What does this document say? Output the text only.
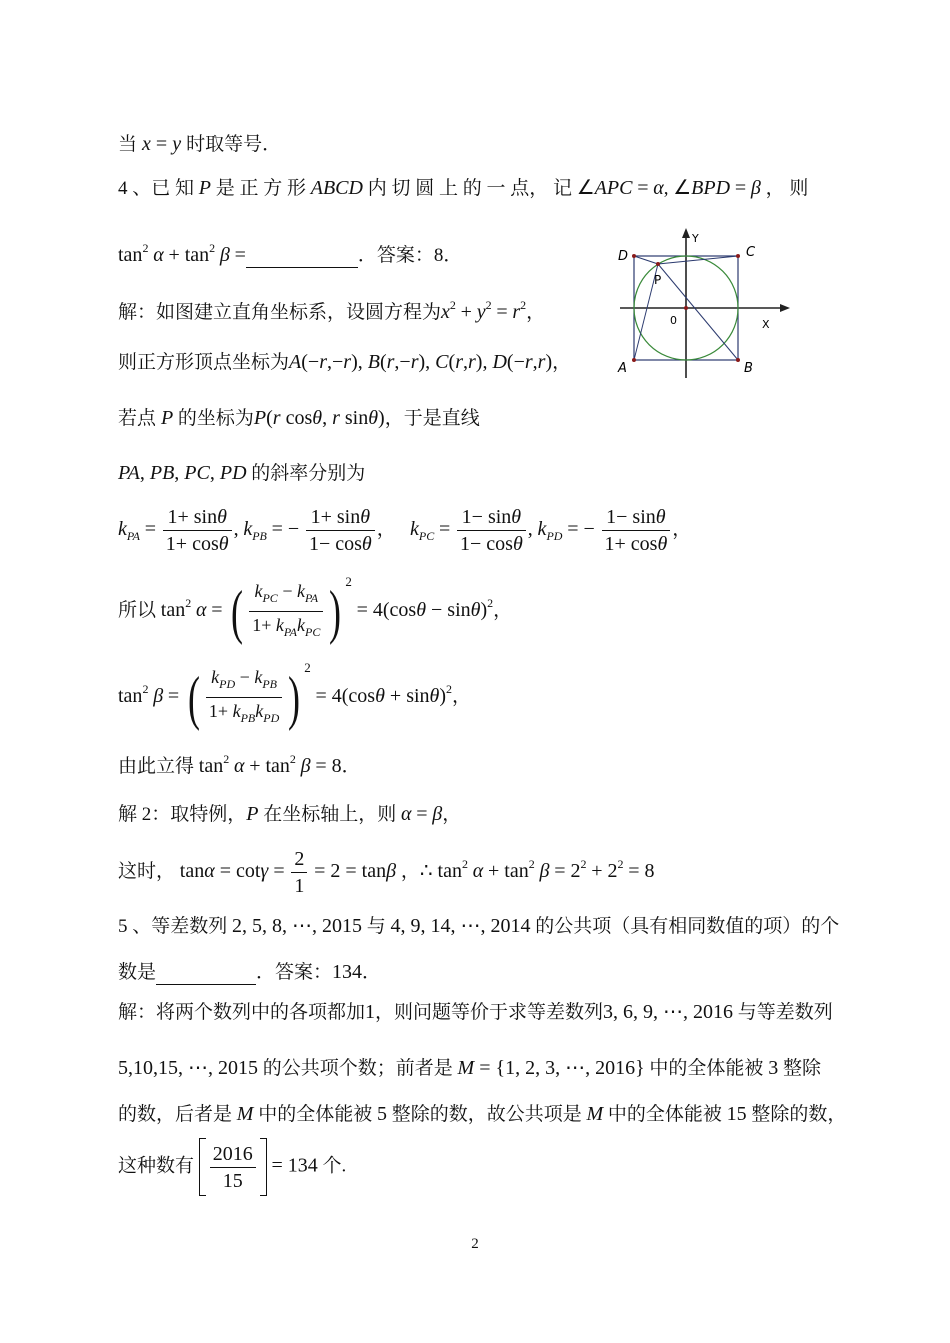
当 x = y 时取等号．
4 、已 知 P 是 正 方 形 ABCD 内 切 圆 上 的 一 点， 记 ∠APC = α, ∠BPD = β ， 则
$\tan^2 \alpha + \tan^2 \beta$ =	．答案：8．	D	C
A	B
P
0	X
Y
解：如图建立直角坐标系，设圆方程为$x^2 + y^2 = r^2$，
则正方形顶点坐标为A(−r,−r), B(r,−r), C(r,r), D(−r,r)，
若点 P 的坐标为P(r cosθ, r sinθ)，于是直线
PA, PB, PC, PD 的斜率分别为
$k_{PA} = \frac{1+ \sin\theta}{1+ \cos\theta}$ , $k_{PB}$ = − $\frac{1+ \sin\theta}{1- \cos\theta}$ ，   $k_{PC} = \frac{1- \sin\theta}{1- \cos\theta}$ , $k_{PD}$ = − $\frac{1- \sin\theta}{1+ \cos\theta}$ ，
所以 $\tan^2 \alpha$ = ( $\frac{k_{PC} - k_{PA}}{1+ k_{PA}k_{PC}}$ ) $^2 = 4(\cos\theta - \sin\theta)^2$，
$\tan^2 \beta$ = ( $\frac{k_{PD} - k_{PB}}{1+ k_{PB}k_{PD}}$ ) $^2 = 4(\cos\theta + \sin\theta)^2$，
由此立得 $\tan^2 \alpha + \tan^2 \beta = 8$．
解 2：取特例，P 在坐标轴上，则 α = β，
这时， $\tan\alpha = \cot\gamma = \frac{2}{1} = 2 = \tan\beta$ ，∴ $\tan^2 \alpha + \tan^2 \beta = 2^2 + 2^2 = 8$
5 、等差数列 2, 5, 8, ⋯, 2015 与 4, 9, 14, ⋯, 2014 的公共项（具有相同数值的项）的个
数是	．答案：134．
解：将两个数列中的各项都加1，则问题等价于求等差数列3, 6, 9, ⋯, 2016 与等差数列
5,10,15, ⋯, 2015 的公共项个数；前者是 M = {1, 2, 3, ⋯, 2016} 中的全体能被 3 整除
的数，后者是 M 中的全体能被 5 整除的数，故公共项是 M 中的全体能被 15 整除的数，
这种数有 $\frac{2016}{15} = 134$ 个.
2
